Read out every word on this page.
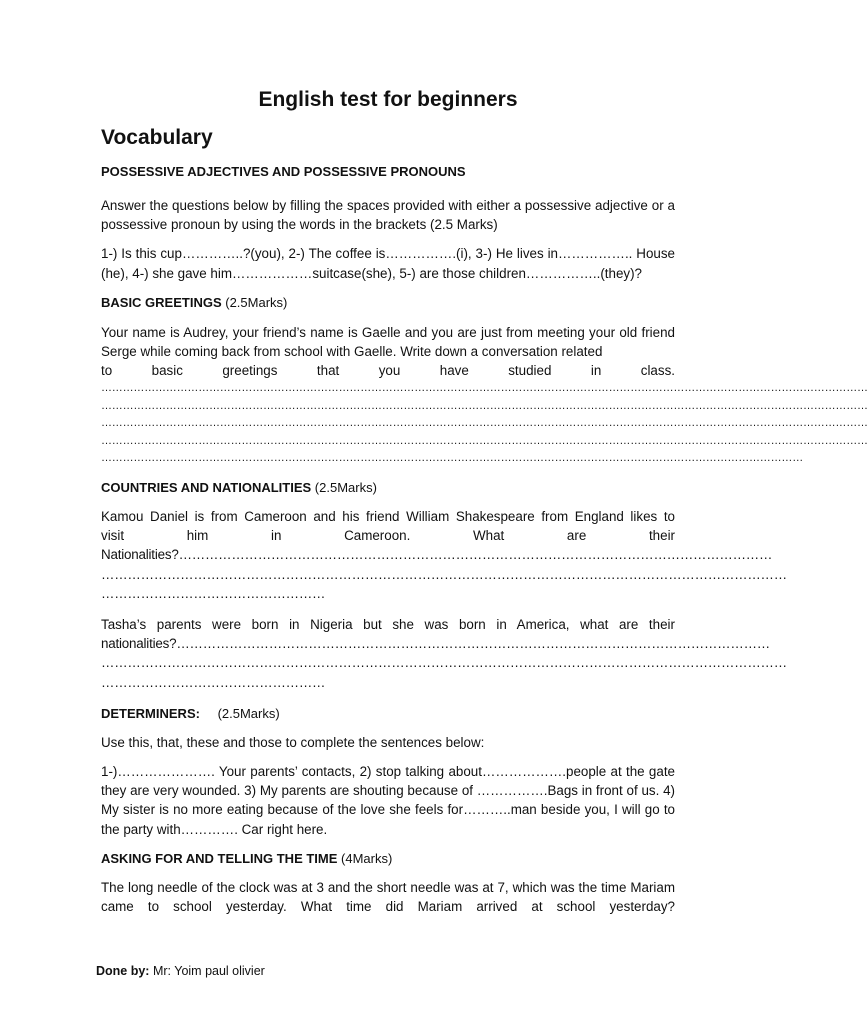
English test for beginners
Vocabulary
POSSESSIVE ADJECTIVES AND POSSESSIVE PRONOUNS
Answer the questions below by filling the spaces provided with either a possessive adjective or a possessive pronoun by using the words in the brackets (2.5 Marks)
1-) Is this cup…………..?(you), 2-) The coffee is…………….(i), 3-) He lives in…………….. House (he), 4-) she gave him………………suitcase(she), 5-) are those children……………..(they)?
BASIC GREETINGS (2.5Marks)
Your name is Audrey, your friend’s name is Gaelle and you are just from meeting your old friend Serge while coming back from school with Gaelle. Write down a conversation related
to basic greetings that you have studied in class.
……………………………………………………………………………………………………………………………………………………………………………………………
……………………………………………………………………………………………………………………………………………………………………………………………
……………………………………………………………………………………………………………………………………………………………………………………………
……………………………………………………………………………………………………………………………………………………………………………………………
……………………………………………………………………………………………………………………………………………………………………………
COUNTRIES AND NATIONALITIES (2.5Marks)
Kamou Daniel is from Cameroon and his friend William Shakespeare from England likes to
visit him in Cameroon. What are their
Nationalities?………………………………………………………………………………………………………………………
…………………………………………………………………………………………………………………………………………
……………………………………………
Tasha’s parents were born in Nigeria but she was born in America, what are their
nationalities?………………………………………………………………………………………………………………………
…………………………………………………………………………………………………………………………………………
……………………………………………
DETERMINERS: (2.5Marks)
Use this, that, these and those to complete the sentences below:
1-)…………………. Your parents’ contacts, 2) stop talking about……………….people at the gate they are very wounded. 3) My parents are shouting because of …………….Bags in front of us. 4) My sister is no more eating because of the love she feels for………..man beside you, I will go to the party with…………. Car right here.
ASKING FOR AND TELLING THE TIME (4Marks)
The long needle of the clock was at 3 and the short needle was at 7, which was the time Mariam came to school yesterday. What time did Mariam arrived at school yesterday?
Done by: Mr: Yoim paul olivier
